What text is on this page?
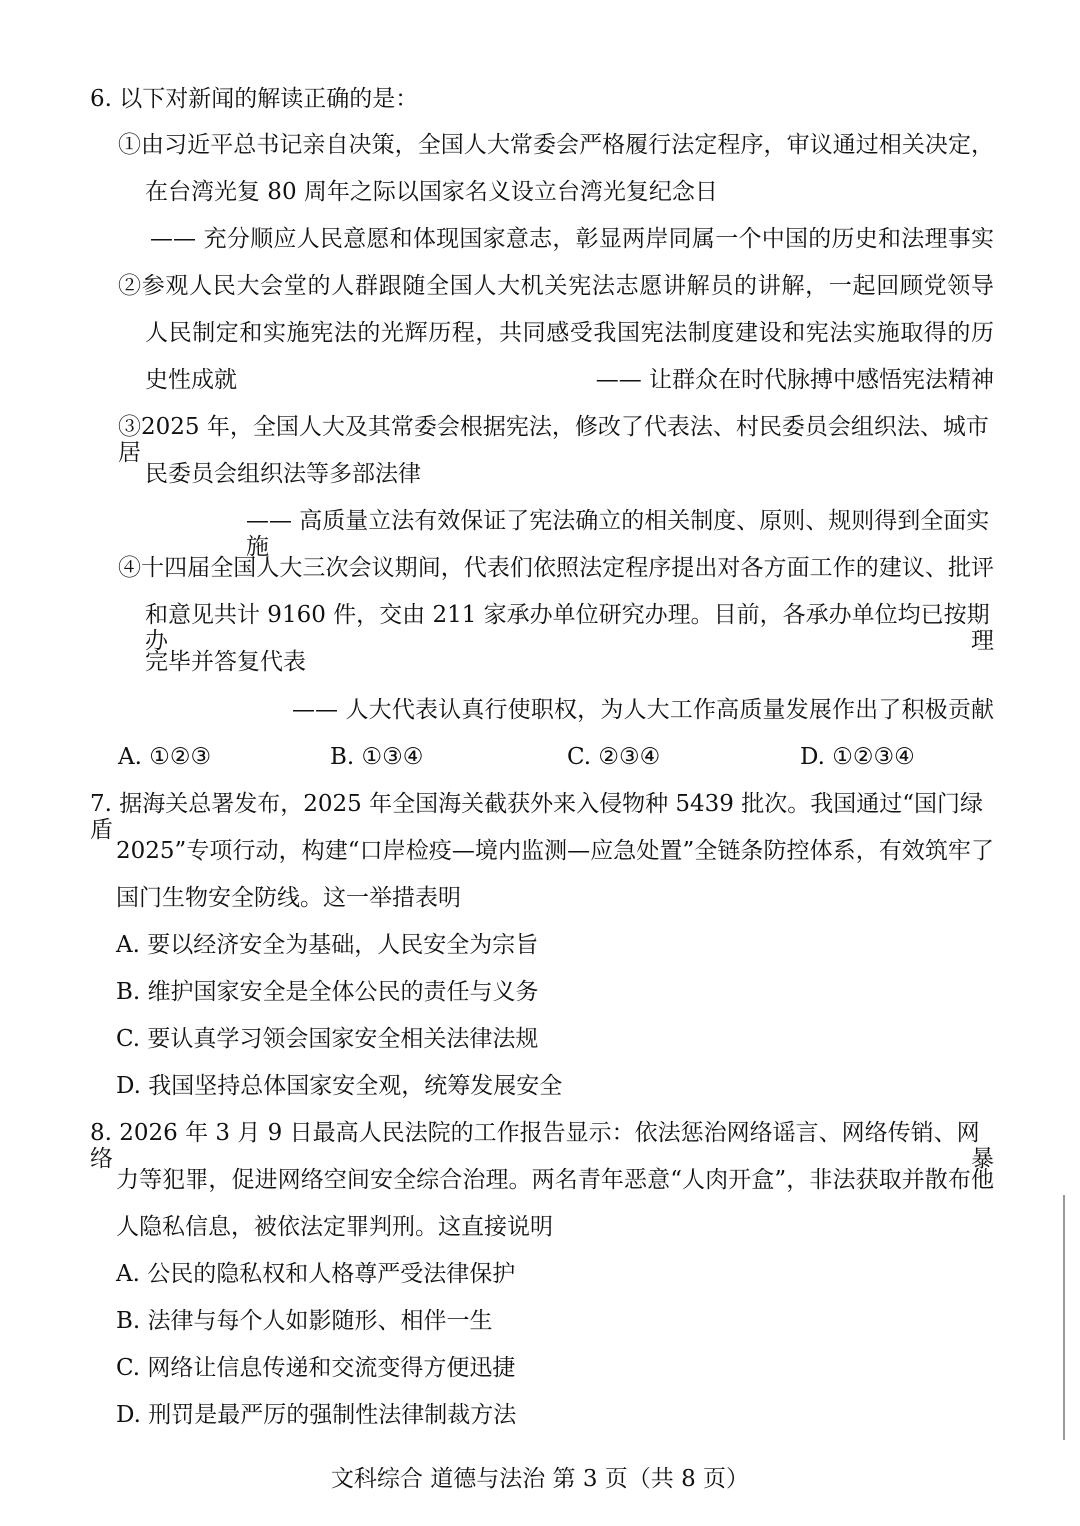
6. 以下对新闻的解读正确的是：
①由习近平总书记亲自决策，全国人大常委会严格履行法定程序，审议通过相关决定，
在台湾光复 80 周年之际以国家名义设立台湾光复纪念日
—— 充分顺应人民意愿和体现国家意志，彰显两岸同属一个中国的历史和法理事实
②参观人民大会堂的人群跟随全国人大机关宪法志愿讲解员的讲解，一起回顾党领导
人民制定和实施宪法的光辉历程，共同感受我国宪法制度建设和宪法实施取得的历
史性成就	—— 让群众在时代脉搏中感悟宪法精神
③2025 年，全国人大及其常委会根据宪法，修改了代表法、村民委员会组织法、城市居
民委员会组织法等多部法律
—— 高质量立法有效保证了宪法确立的相关制度、原则、规则得到全面实施
④十四届全国人大三次会议期间，代表们依照法定程序提出对各方面工作的建议、批评
和意见共计 9160 件，交由 211 家承办单位研究办理。目前，各承办单位均已按期办理
完毕并答复代表
—— 人大代表认真行使职权，为人大工作高质量发展作出了积极贡献
A. ①②③	B. ①③④	C. ②③④	D. ①②③④
7. 据海关总署发布，2025 年全国海关截获外来入侵物种 5439 批次。我国通过“国门绿盾
2025”专项行动，构建“口岸检疫—境内监测—应急处置”全链条防控体系，有效筑牢了
国门生物安全防线。这一举措表明
A. 要以经济安全为基础，人民安全为宗旨
B. 维护国家安全是全体公民的责任与义务
C. 要认真学习领会国家安全相关法律法规
D. 我国坚持总体国家安全观，统筹发展安全
8. 2026 年 3 月 9 日最高人民法院的工作报告显示：依法惩治网络谣言、网络传销、网络暴
力等犯罪，促进网络空间安全综合治理。两名青年恶意“人肉开盒”，非法获取并散布他
人隐私信息，被依法定罪判刑。这直接说明
A. 公民的隐私权和人格尊严受法律保护
B. 法律与每个人如影随形、相伴一生
C. 网络让信息传递和交流变得方便迅捷
D. 刑罚是最严厉的强制性法律制裁方法
文科综合 道德与法治 第 3 页（共 8 页）
